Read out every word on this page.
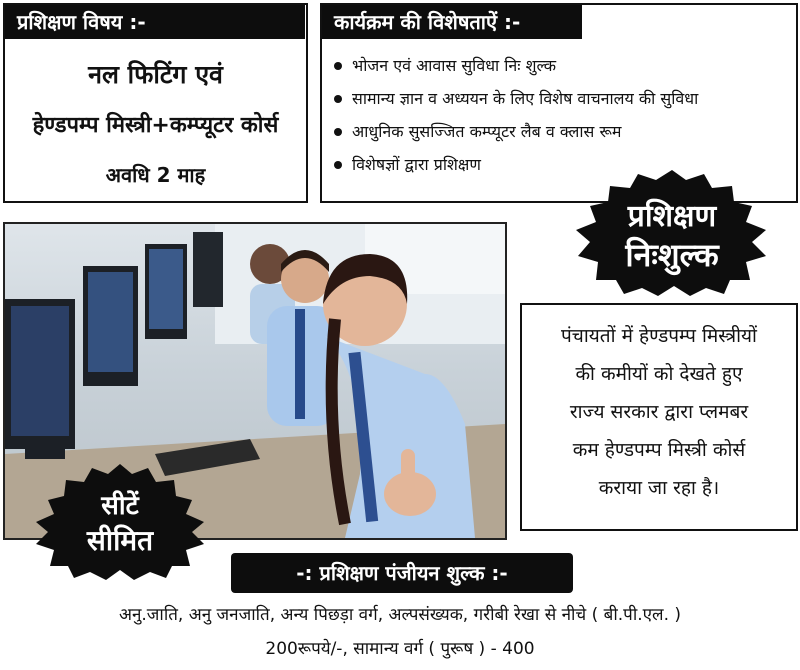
प्रशिक्षण विषय :-
नल फिटिंग एवं
हेण्डपम्प मिस्त्री+कम्प्यूटर कोर्स
अवधि 2 माह
कार्यक्रम की विशेषताऐं :-
भोजन एवं आवास सुविधा निः शुल्क
सामान्य ज्ञान व अध्ययन के लिए विशेष वाचनालय की सुविधा
आधुनिक सुसज्जित कम्प्यूटर लैब व क्लास रूम
विशेषज्ञों द्वारा प्रशिक्षण
प्रशिक्षण
निःशुल्क
सीटें
सीमित
पंचायतों में हेण्डपम्प मिस्त्रीयों
की कमीयों को देखते हुए
राज्य सरकार द्वारा प्लमबर
कम हेण्डपम्प मिस्त्री कोर्स
कराया जा रहा है।
-: प्रशिक्षण पंजीयन शुल्क :-
अनु.जाति, अनु जनजाति, अन्य पिछड़ा वर्ग, अल्पसंख्यक, गरीबी रेखा से नीचे ( बी.पी.एल. )
200रूपये/-, सामान्य वर्ग ( पुरूष ) - 400
